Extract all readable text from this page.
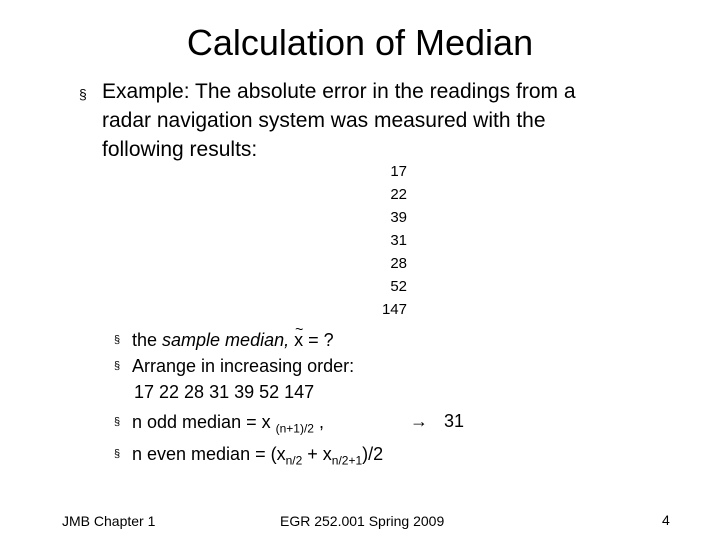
Calculation of Median
§ Example: The absolute error in the readings from a
radar navigation system was measured with the
following results:
17
22
39
31
28
52
147
§ the sample median, ~ x = ?
§ Arrange in increasing order:
17 22 28 31 39 52 147
§ n odd median = x $_{(n+1)/2}$ ,	→ 31
§ n even median = $(x_{n/2} + x_{n/2+1})/2$
JMB Chapter 1	EGR 252.001 Spring 2009	4
